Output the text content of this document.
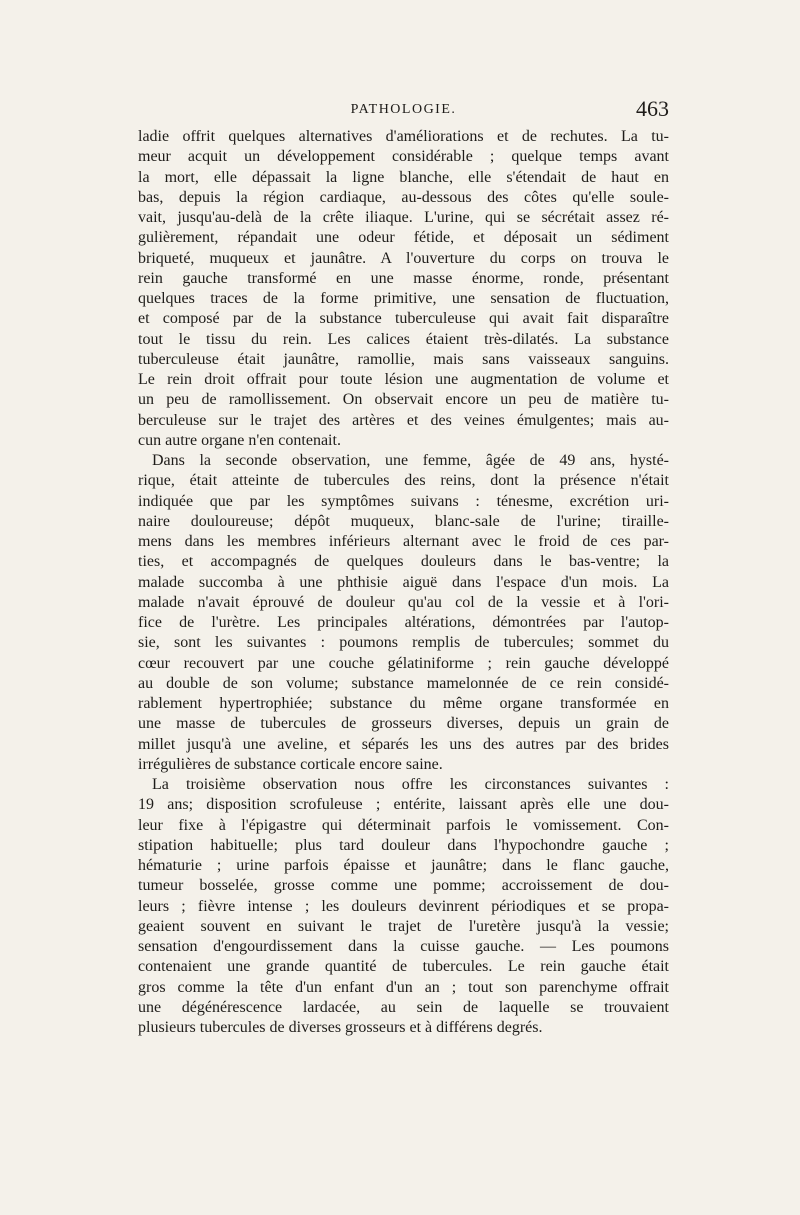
PATHOLOGIE.	463
ladie offrit quelques alternatives d'améliorations et de rechutes. La tu-
meur acquit un développement considérable ; quelque temps avant
la mort, elle dépassait la ligne blanche, elle s'étendait de haut en
bas, depuis la région cardiaque, au-dessous des côtes qu'elle soule-
vait, jusqu'au-delà de la crête iliaque. L'urine, qui se sécrétait assez ré-
gulièrement, répandait une odeur fétide, et déposait un sédiment
briqueté, muqueux et jaunâtre. A l'ouverture du corps on trouva le
rein gauche transformé en une masse énorme, ronde, présentant
quelques traces de la forme primitive, une sensation de fluctuation,
et composé par de la substance tuberculeuse qui avait fait disparaître
tout le tissu du rein. Les calices étaient très-dilatés. La substance
tuberculeuse était jaunâtre, ramollie, mais sans vaisseaux sanguins.
Le rein droit offrait pour toute lésion une augmentation de volume et
un peu de ramollissement. On observait encore un peu de matière tu-
berculeuse sur le trajet des artères et des veines émulgentes; mais au-
cun autre organe n'en contenait.
Dans la seconde observation, une femme, âgée de 49 ans, hysté-
rique, était atteinte de tubercules des reins, dont la présence n'était
indiquée que par les symptômes suivans : ténesme, excrétion uri-
naire douloureuse; dépôt muqueux, blanc-sale de l'urine; tiraille-
mens dans les membres inférieurs alternant avec le froid de ces par-
ties, et accompagnés de quelques douleurs dans le bas-ventre; la
malade succomba à une phthisie aiguë dans l'espace d'un mois. La
malade n'avait éprouvé de douleur qu'au col de la vessie et à l'ori-
fice de l'urètre. Les principales altérations, démontrées par l'autop-
sie, sont les suivantes : poumons remplis de tubercules; sommet du
cœur recouvert par une couche gélatiniforme ; rein gauche développé
au double de son volume; substance mamelonnée de ce rein considé-
rablement hypertrophiée; substance du même organe transformée en
une masse de tubercules de grosseurs diverses, depuis un grain de
millet jusqu'à une aveline, et séparés les uns des autres par des brides
irrégulières de substance corticale encore saine.
La troisième observation nous offre les circonstances suivantes :
19 ans; disposition scrofuleuse ; entérite, laissant après elle une dou-
leur fixe à l'épigastre qui déterminait parfois le vomissement. Con-
stipation habituelle; plus tard douleur dans l'hypochondre gauche ;
hématurie ; urine parfois épaisse et jaunâtre; dans le flanc gauche,
tumeur bosselée, grosse comme une pomme; accroissement de dou-
leurs ; fièvre intense ; les douleurs devinrent périodiques et se propa-
geaient souvent en suivant le trajet de l'uretère jusqu'à la vessie;
sensation d'engourdissement dans la cuisse gauche. — Les poumons
contenaient une grande quantité de tubercules. Le rein gauche était
gros comme la tête d'un enfant d'un an ; tout son parenchyme offrait
une dégénérescence lardacée, au sein de laquelle se trouvaient
plusieurs tubercules de diverses grosseurs et à différens degrés.
